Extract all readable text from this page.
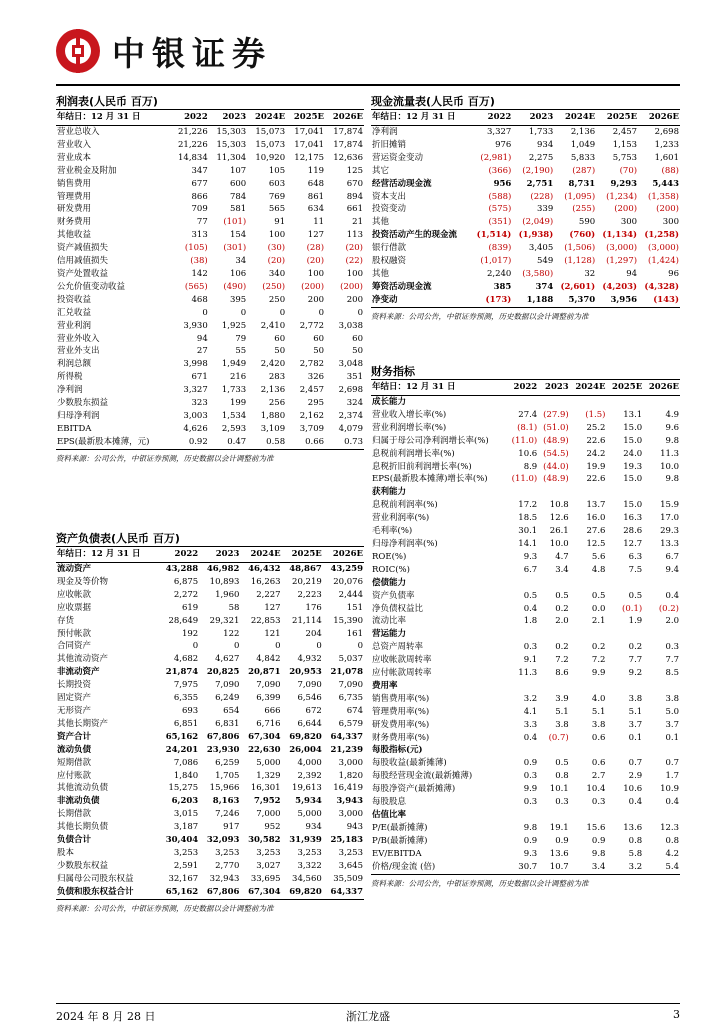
中银证券
利润表(人民币 百万)
年结日：12 月 31 日	2022	2023	2024E	2025E	2026E
营业总收入	21,226	15,303	15,073	17,041	17,874
营业收入	21,226	15,303	15,073	17,041	17,874
营业成本	14,834	11,304	10,920	12,175	12,636
营业税金及附加	347	107	105	119	125
销售费用	677	600	603	648	670
管理费用	866	784	769	861	894
研发费用	709	581	565	634	661
财务费用	77	(101)	91	11	21
其他收益	313	154	100	127	113
资产减值损失	(105)	(301)	(30)	(28)	(20)
信用减值损失	(38)	34	(20)	(20)	(22)
资产处置收益	142	106	340	100	100
公允价值变动收益	(565)	(490)	(250)	(200)	(200)
投资收益	468	395	250	200	200
汇兑收益	0	0	0	0	0
营业利润	3,930	1,925	2,410	2,772	3,038
营业外收入	94	79	60	60	60
营业外支出	27	55	50	50	50
利润总额	3,998	1,949	2,420	2,782	3,048
所得税	671	216	283	326	351
净利润	3,327	1,733	2,136	2,457	2,698
少数股东损益	323	199	256	295	324
归母净利润	3,003	1,534	1,880	2,162	2,374
EBITDA	4,626	2,593	3,109	3,709	4,079
EPS(最新股本摊薄，元)	0.92	0.47	0.58	0.66	0.73
资料来源：公司公告，中银证券预测，历史数据以会计调整前为准
资产负债表(人民币 百万)
年结日：12 月 31 日	2022	2023	2024E	2025E	2026E
流动资产	43,288	46,982	46,432	48,867	43,259
现金及等价物	6,875	10,893	16,263	20,219	20,076
应收帐款	2,272	1,960	2,227	2,223	2,444
应收票据	619	58	127	176	151
存货	28,649	29,321	22,853	21,114	15,390
预付帐款	192	122	121	204	161
合同资产	0	0	0	0	0
其他流动资产	4,682	4,627	4,842	4,932	5,037
非流动资产	21,874	20,825	20,871	20,953	21,078
长期投资	7,975	7,090	7,090	7,090	7,090
固定资产	6,355	6,249	6,399	6,546	6,735
无形资产	693	654	666	672	674
其他长期资产	6,851	6,831	6,716	6,644	6,579
资产合计	65,162	67,806	67,304	69,820	64,337
流动负债	24,201	23,930	22,630	26,004	21,239
短期借款	7,086	6,259	5,000	4,000	3,000
应付账款	1,840	1,705	1,329	2,392	1,820
其他流动负债	15,275	15,966	16,301	19,613	16,419
非流动负债	6,203	8,163	7,952	5,934	3,943
长期借款	3,015	7,246	7,000	5,000	3,000
其他长期负债	3,187	917	952	934	943
负债合计	30,404	32,093	30,582	31,939	25,183
股本	3,253	3,253	3,253	3,253	3,253
少数股东权益	2,591	2,770	3,027	3,322	3,645
归属母公司股东权益	32,167	32,943	33,695	34,560	35,509
负债和股东权益合计	65,162	67,806	67,304	69,820	64,337
资料来源：公司公告，中银证券预测，历史数据以会计调整前为准
现金流量表(人民币 百万)
年结日：12 月 31 日	2022	2023	2024E	2025E	2026E
净利润	3,327	1,733	2,136	2,457	2,698
折旧摊销	976	934	1,049	1,153	1,233
营运资金变动	(2,981)	2,275	5,833	5,753	1,601
其它	(366)	(2,190)	(287)	(70)	(88)
经营活动现金流	956	2,751	8,731	9,293	5,443
资本支出	(588)	(228)	(1,095)	(1,234)	(1,358)
投资变动	(575)	339	(255)	(200)	(200)
其他	(351)	(2,049)	590	300	300
投资活动产生的现金流	(1,514)	(1,938)	(760)	(1,134)	(1,258)
银行借款	(839)	3,405	(1,506)	(3,000)	(3,000)
股权融资	(1,017)	549	(1,128)	(1,297)	(1,424)
其他	2,240	(3,580)	32	94	96
筹资活动现金流	385	374	(2,601)	(4,203)	(4,328)
净变动	(173)	1,188	5,370	3,956	(143)
资料来源：公司公告，中银证券预测，历史数据以会计调整前为准
财务指标
年结日：12 月 31 日	2022	2023	2024E	2025E	2026E
成长能力					
营业收入增长率(%)	27.4	(27.9)	(1.5)	13.1	4.9
营业利润增长率(%)	(8.1)	(51.0)	25.2	15.0	9.6
归属于母公司净利润增长率(%)	(11.0)	(48.9)	22.6	15.0	9.8
息税前利润增长率(%)	10.6	(54.5)	24.2	24.0	11.3
息税折旧前利润增长率(%)	8.9	(44.0)	19.9	19.3	10.0
EPS(最新股本摊薄)增长率(%)	(11.0)	(48.9)	22.6	15.0	9.8
获利能力					
息税前利润率(%)	17.2	10.8	13.7	15.0	15.9
营业利润率(%)	18.5	12.6	16.0	16.3	17.0
毛利率(%)	30.1	26.1	27.6	28.6	29.3
归母净利润率(%)	14.1	10.0	12.5	12.7	13.3
ROE(%)	9.3	4.7	5.6	6.3	6.7
ROIC(%)	6.7	3.4	4.8	7.5	9.4
偿债能力					
资产负债率	0.5	0.5	0.5	0.5	0.4
净负债权益比	0.4	0.2	0.0	(0.1)	(0.2)
流动比率	1.8	2.0	2.1	1.9	2.0
营运能力					
总资产周转率	0.3	0.2	0.2	0.2	0.3
应收帐款周转率	9.1	7.2	7.2	7.7	7.7
应付帐款周转率	11.3	8.6	9.9	9.2	8.5
费用率					
销售费用率(%)	3.2	3.9	4.0	3.8	3.8
管理费用率(%)	4.1	5.1	5.1	5.1	5.0
研发费用率(%)	3.3	3.8	3.8	3.7	3.7
财务费用率(%)	0.4	(0.7)	0.6	0.1	0.1
每股指标(元)					
每股收益(最新摊薄)	0.9	0.5	0.6	0.7	0.7
每股经营现金流(最新摊薄)	0.3	0.8	2.7	2.9	1.7
每股净资产(最新摊薄)	9.9	10.1	10.4	10.6	10.9
每股股息	0.3	0.3	0.3	0.4	0.4
估值比率					
P/E(最新摊薄)	9.8	19.1	15.6	13.6	12.3
P/B(最新摊薄)	0.9	0.9	0.9	0.8	0.8
EV/EBITDA	9.3	13.6	9.8	5.8	4.2
价格/现金流 (倍)	30.7	10.7	3.4	3.2	5.4
资料来源：公司公告，中银证券预测，历史数据以会计调整前为准
2024 年 8 月 28 日	浙江龙盛	3
